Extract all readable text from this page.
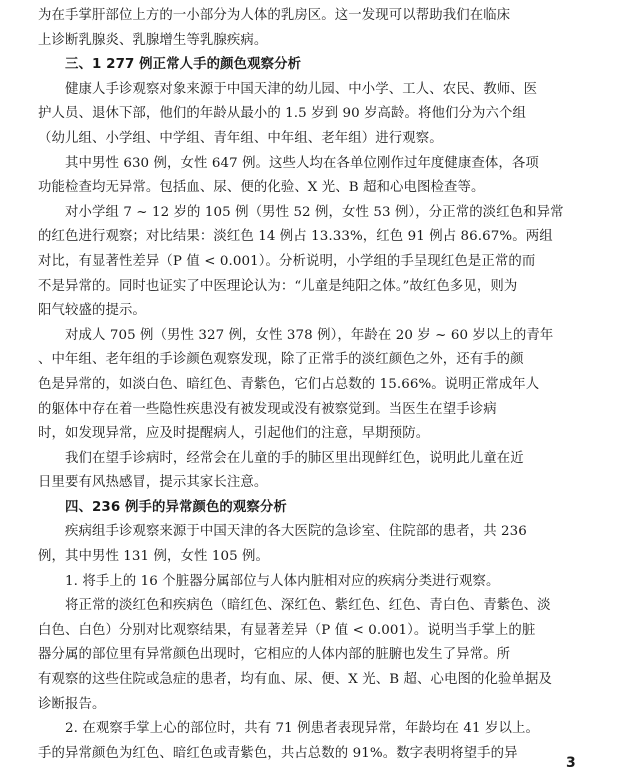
为在手掌肝部位上方的一小部分为人体的乳房区。这一发现可以帮助我们在临床
上诊断乳腺炎、乳腺增生等乳腺疾病。
三、1 277 例正常人手的颜色观察分析
健康人手诊观察对象来源于中国天津的幼儿园、中小学、工人、农民、教师、医
护人员、退休下部，他们的年龄从最小的 1.5 岁到 90 岁高龄。将他们分为六个组
（幼儿组、小学组、中学组、青年组、中年组、老年组）进行观察。
其中男性 630 例，女性 647 例。这些人均在各单位刚作过年度健康查体，各项
功能检查均无异常。包括血、尿、便的化验、X 光、B 超和心电图检查等。
对小学组 7 ~ 12 岁的 105 例（男性 52 例，女性 53 例），分正常的淡红色和异常
的红色进行观察；对比结果：淡红色 14 例占 13.33%，红色 91 例占 86.67%。两组
对比，有显著性差异（P 值 < 0.001）。分析说明，小学组的手呈现红色是正常的而
不是异常的。同时也证实了中医理论认为：“儿童是纯阳之体。”故红色多见，则为
阳气较盛的提示。
对成人 705 例（男性 327 例，女性 378 例），年龄在 20 岁 ~ 60 岁以上的青年
、中年组、老年组的手诊颜色观察发现，除了正常手的淡红颜色之外，还有手的颜
色是异常的，如淡白色、暗红色、青紫色，它们占总数的 15.66%。说明正常成年人
的躯体中存在着一些隐性疾患没有被发现或没有被察觉到。当医生在望手诊病
时，如发现异常，应及时提醒病人，引起他们的注意，早期预防。
我们在望手诊病时，经常会在儿童的手的肺区里出现鲜红色，说明此儿童在近
日里要有风热感冒，提示其家长注意。
四、236 例手的异常颜色的观察分析
疾病组手诊观察来源于中国天津的各大医院的急诊室、住院部的患者，共 236
例，其中男性 131 例，女性 105 例。
1. 将手上的 16 个脏器分属部位与人体内脏相对应的疾病分类进行观察。
将正常的淡红色和疾病色（暗红色、深红色、紫红色、红色、青白色、青紫色、淡
白色、白色）分别对比观察结果，有显著差异（P 值 < 0.001）。说明当手掌上的脏
器分属的部位里有异常颜色出现时，它相应的人体内部的脏腑也发生了异常。所
有观察的这些住院或急症的患者，均有血、尿、便、X 光、B 超、心电图的化验单据及
诊断报告。
2. 在观察手掌上心的部位时，共有 71 例患者表现异常，年龄均在 41 岁以上。
手的异常颜色为红色、暗红色或青紫色，共占总数的 91%。数字表明将望手的异
3
